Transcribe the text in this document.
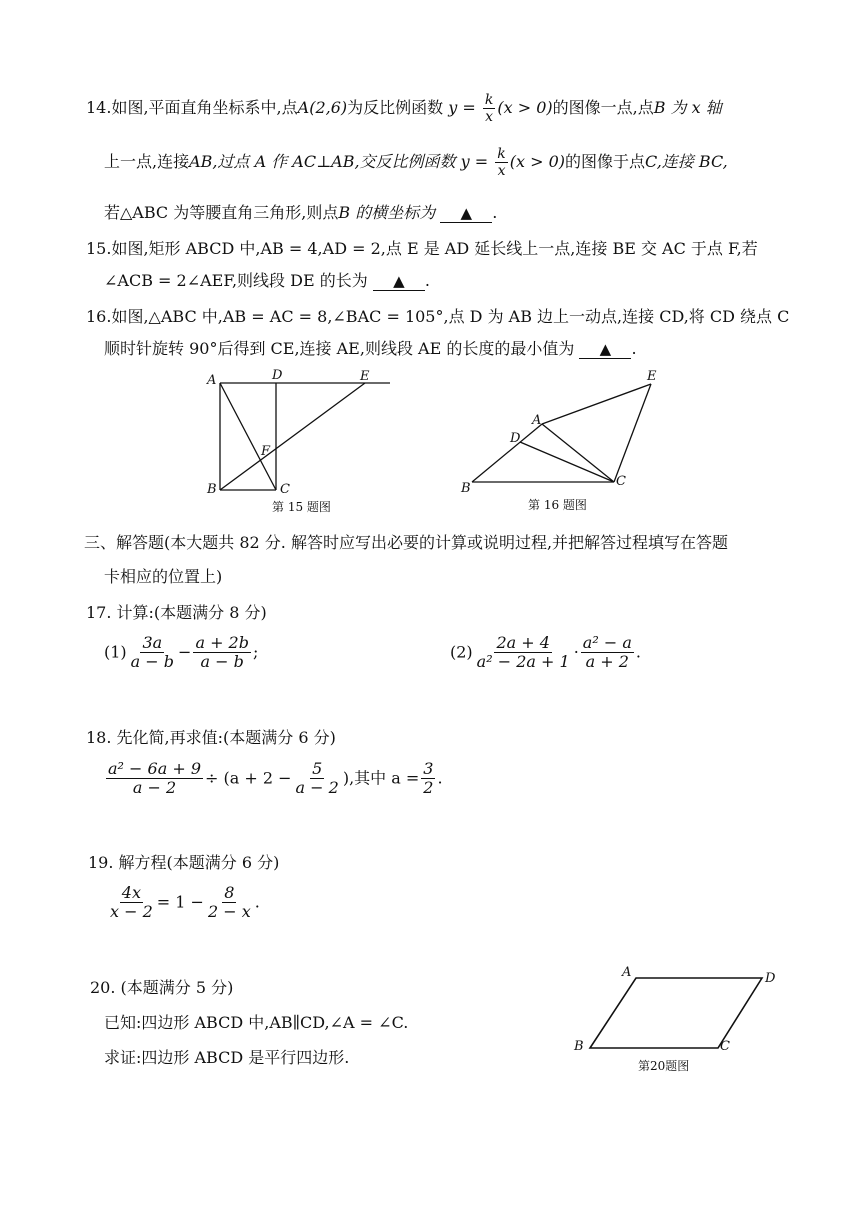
14.如图,平面直角坐标系中,点A(2,6)为反比例函数 $y = \frac{k}{x} (x > 0)$的图像一点,点B 为 x 轴
上一点,连接AB,过点 A 作 AC⊥AB,交反比例函数 $y = \frac{k}{x} (x > 0)$的图像于点C,连接 BC,
若△ABC 为等腰直角三角形,则点B 的横坐标为 ▲ .
15.如图,矩形 ABCD 中,AB = 4,AD = 2,点 E 是 AD 延长线上一点,连接 BE 交 AC 于点 F,若
∠ACB = 2∠AEF,则线段 DE 的长为 ▲ .
16.如图,△ABC 中,AB = AC = 8,∠BAC = 105°,点 D 为 AB 边上一动点,连接 CD,将 CD 绕点 C
顺时针旋转 90°后得到 CE,连接 AE,则线段 AE 的长度的最小值为 ▲ .
A	D	E
F
B	C
第 15 题图
E
A
D
B	C
第 16 题图
三、解答题(本大题共 82 分. 解答时应写出必要的计算或说明过程,并把解答过程填写在答题
卡相应的位置上)
17. 计算:(本题满分 8 分)
$(1) \frac{3a}{a - b} - \frac{a + 2b}{a - b}$ ;	$(2) \frac{2a + 4}{\text{a² − 2a + 1}} \cdot \frac{\text{a² − a}}{a + 2}$ .
18. 先化简,再求值:(本题满分 6 分)
$\frac{\text{a² − 6a + 9}}{a - 2} \div (a + 2 - \frac{5}{a - 2}$ ),其中 $a = \frac{3}{2}$ .
19. 解方程(本题满分 6 分)
$\frac{4x}{x - 2} = 1 - \frac{8}{2 - x}$ .
20. (本题满分 5 分)
已知:四边形 ABCD 中,AB∥CD,∠A = ∠C.
求证:四边形 ABCD 是平行四边形.
A	D
B	C
第20题图
